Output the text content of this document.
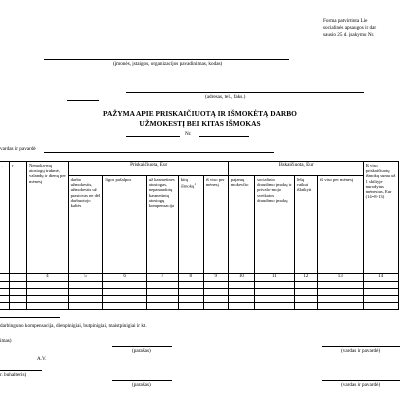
Forma patvirtinta Lie
socialinės apsaugos ir dar
sausio 25 d. įsakymu Nr.
(įmonės, įstaigos, organizacijos pavadinimas, kodas)
(adresas, tel., faks.)
PAŽYMA APIE PRISKAIČIUOTĄ IR IŠMOKĖTĄ DARBO
UŽMOKESTĮ BEI KITAS IŠMOKAS
Nr.
vardas ir pavardė
.	r	Nemoka-mų atostogų trukmė, valandų ir dienų per mėnesį	Priskaičiuota, Eur					Išskaičiuota, Eur				Iš viso priskaičiuotų išmokų suma už 1 skiltyje nurodytus mėnesius, Eur (14=8-13)

			darbo užmokestis, užmokestis už prastovas ne dėl darbuotojo kaltės	ligos pašalpos	už kasmetines atostogas, nepanaudotų kasmetinių atostogų kompensacija	kitų išmokų$^1$	iš viso per mėnesį	pajamų mokesčio	socialinio draudimo įmokų ir privalo-mojo sveikatos draudimo įmokų	lėšų vaikui išlaikyti	iš viso per mėnesį	

		4	5	6	7	8	9	10	11	12	13	14

darbinguno kompensacija, dienpinigiai, butpinigiai, maistpinigiai ir kt.
imas)
(parašas)	(vardas ir pavardė)
A.V.
r. buhalteris)
(parašas)	(vardas ir pavardė)
